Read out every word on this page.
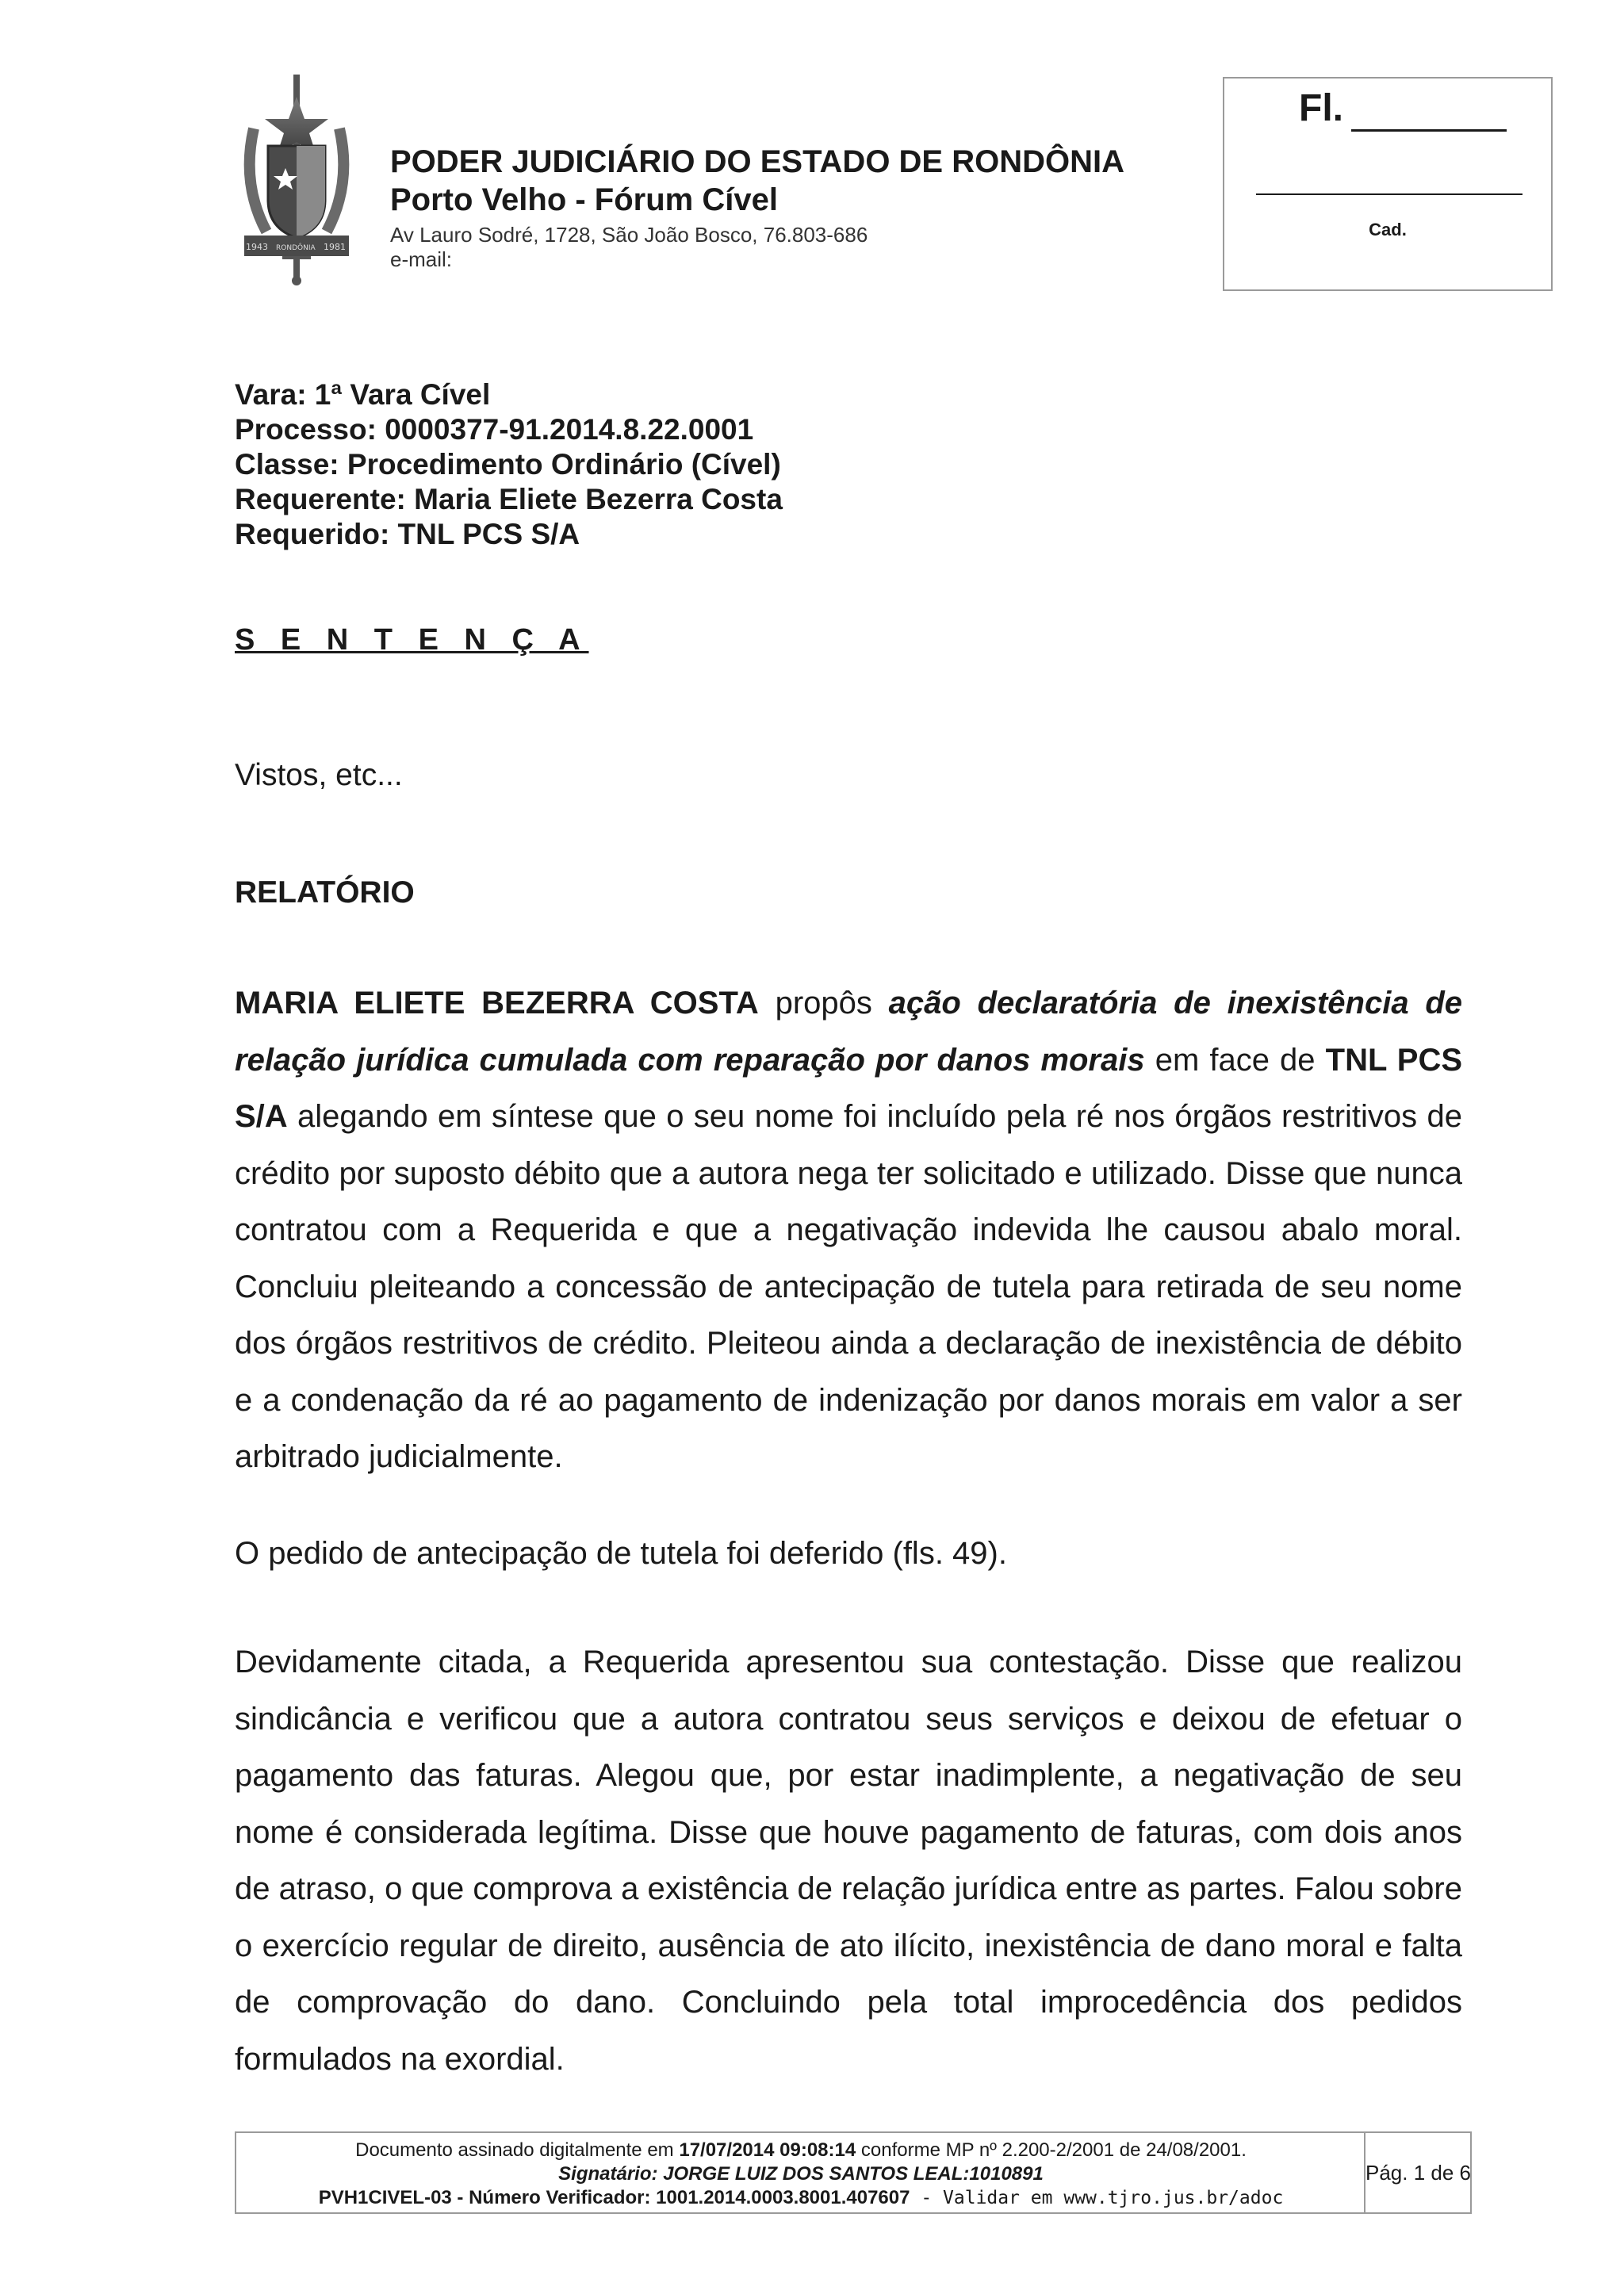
1943 RONDÔNIA 1981
PODER JUDICIÁRIO DO ESTADO DE RONDÔNIA
Porto Velho - Fórum Cível
Av Lauro Sodré, 1728, São João Bosco, 76.803-686
e-mail:
Fl.
Cad.
Vara: 1ª Vara Cível
Processo: 0000377-91.2014.8.22.0001
Classe: Procedimento Ordinário (Cível)
Requerente: Maria Eliete Bezerra Costa
Requerido: TNL PCS S/A
S E N T E N Ç A
Vistos, etc...
RELATÓRIO

MARIA ELIETE BEZERRA COSTA propôs ação declaratória de inexistência de relação jurídica cumulada com reparação por danos morais em face de TNL PCS S/A alegando em síntese que o seu nome foi incluído pela ré nos órgãos restritivos de crédito por suposto débito que a autora nega ter solicitado e utilizado. Disse que nunca contratou com a Requerida e que a negativação indevida lhe causou abalo moral. Concluiu pleiteando a concessão de antecipação de tutela para retirada de seu nome dos órgãos restritivos de crédito. Pleiteou ainda a declaração de inexistência de débito e a condenação da ré ao pagamento de indenização por danos morais em valor a ser arbitrado judicialmente.

O pedido de antecipação de tutela foi deferido (fls. 49).

Devidamente citada, a Requerida apresentou sua contestação. Disse que realizou sindicância e verificou que a autora contratou seus serviços e deixou de efetuar o pagamento das faturas. Alegou que, por estar inadimplente, a negativação de seu nome é considerada legítima. Disse que houve pagamento de faturas, com dois anos de atraso, o que comprova a existência de relação jurídica entre as partes. Falou sobre o exercício regular de direito, ausência de ato ilícito, inexistência de dano moral e falta de comprovação do dano. Concluindo pela total improcedência dos pedidos formulados na exordial.

Documento assinado digitalmente em 17/07/2014 09:08:14 conforme MP nº 2.200-2/2001 de 24/08/2001.
Signatário: JORGE LUIZ DOS SANTOS LEAL:1010891
PVH1CIVEL-03 - Número Verificador: 1001.2014.0003.8001.407607 - Validar em www.tjro.jus.br/adoc
Pág. 1 de 6
